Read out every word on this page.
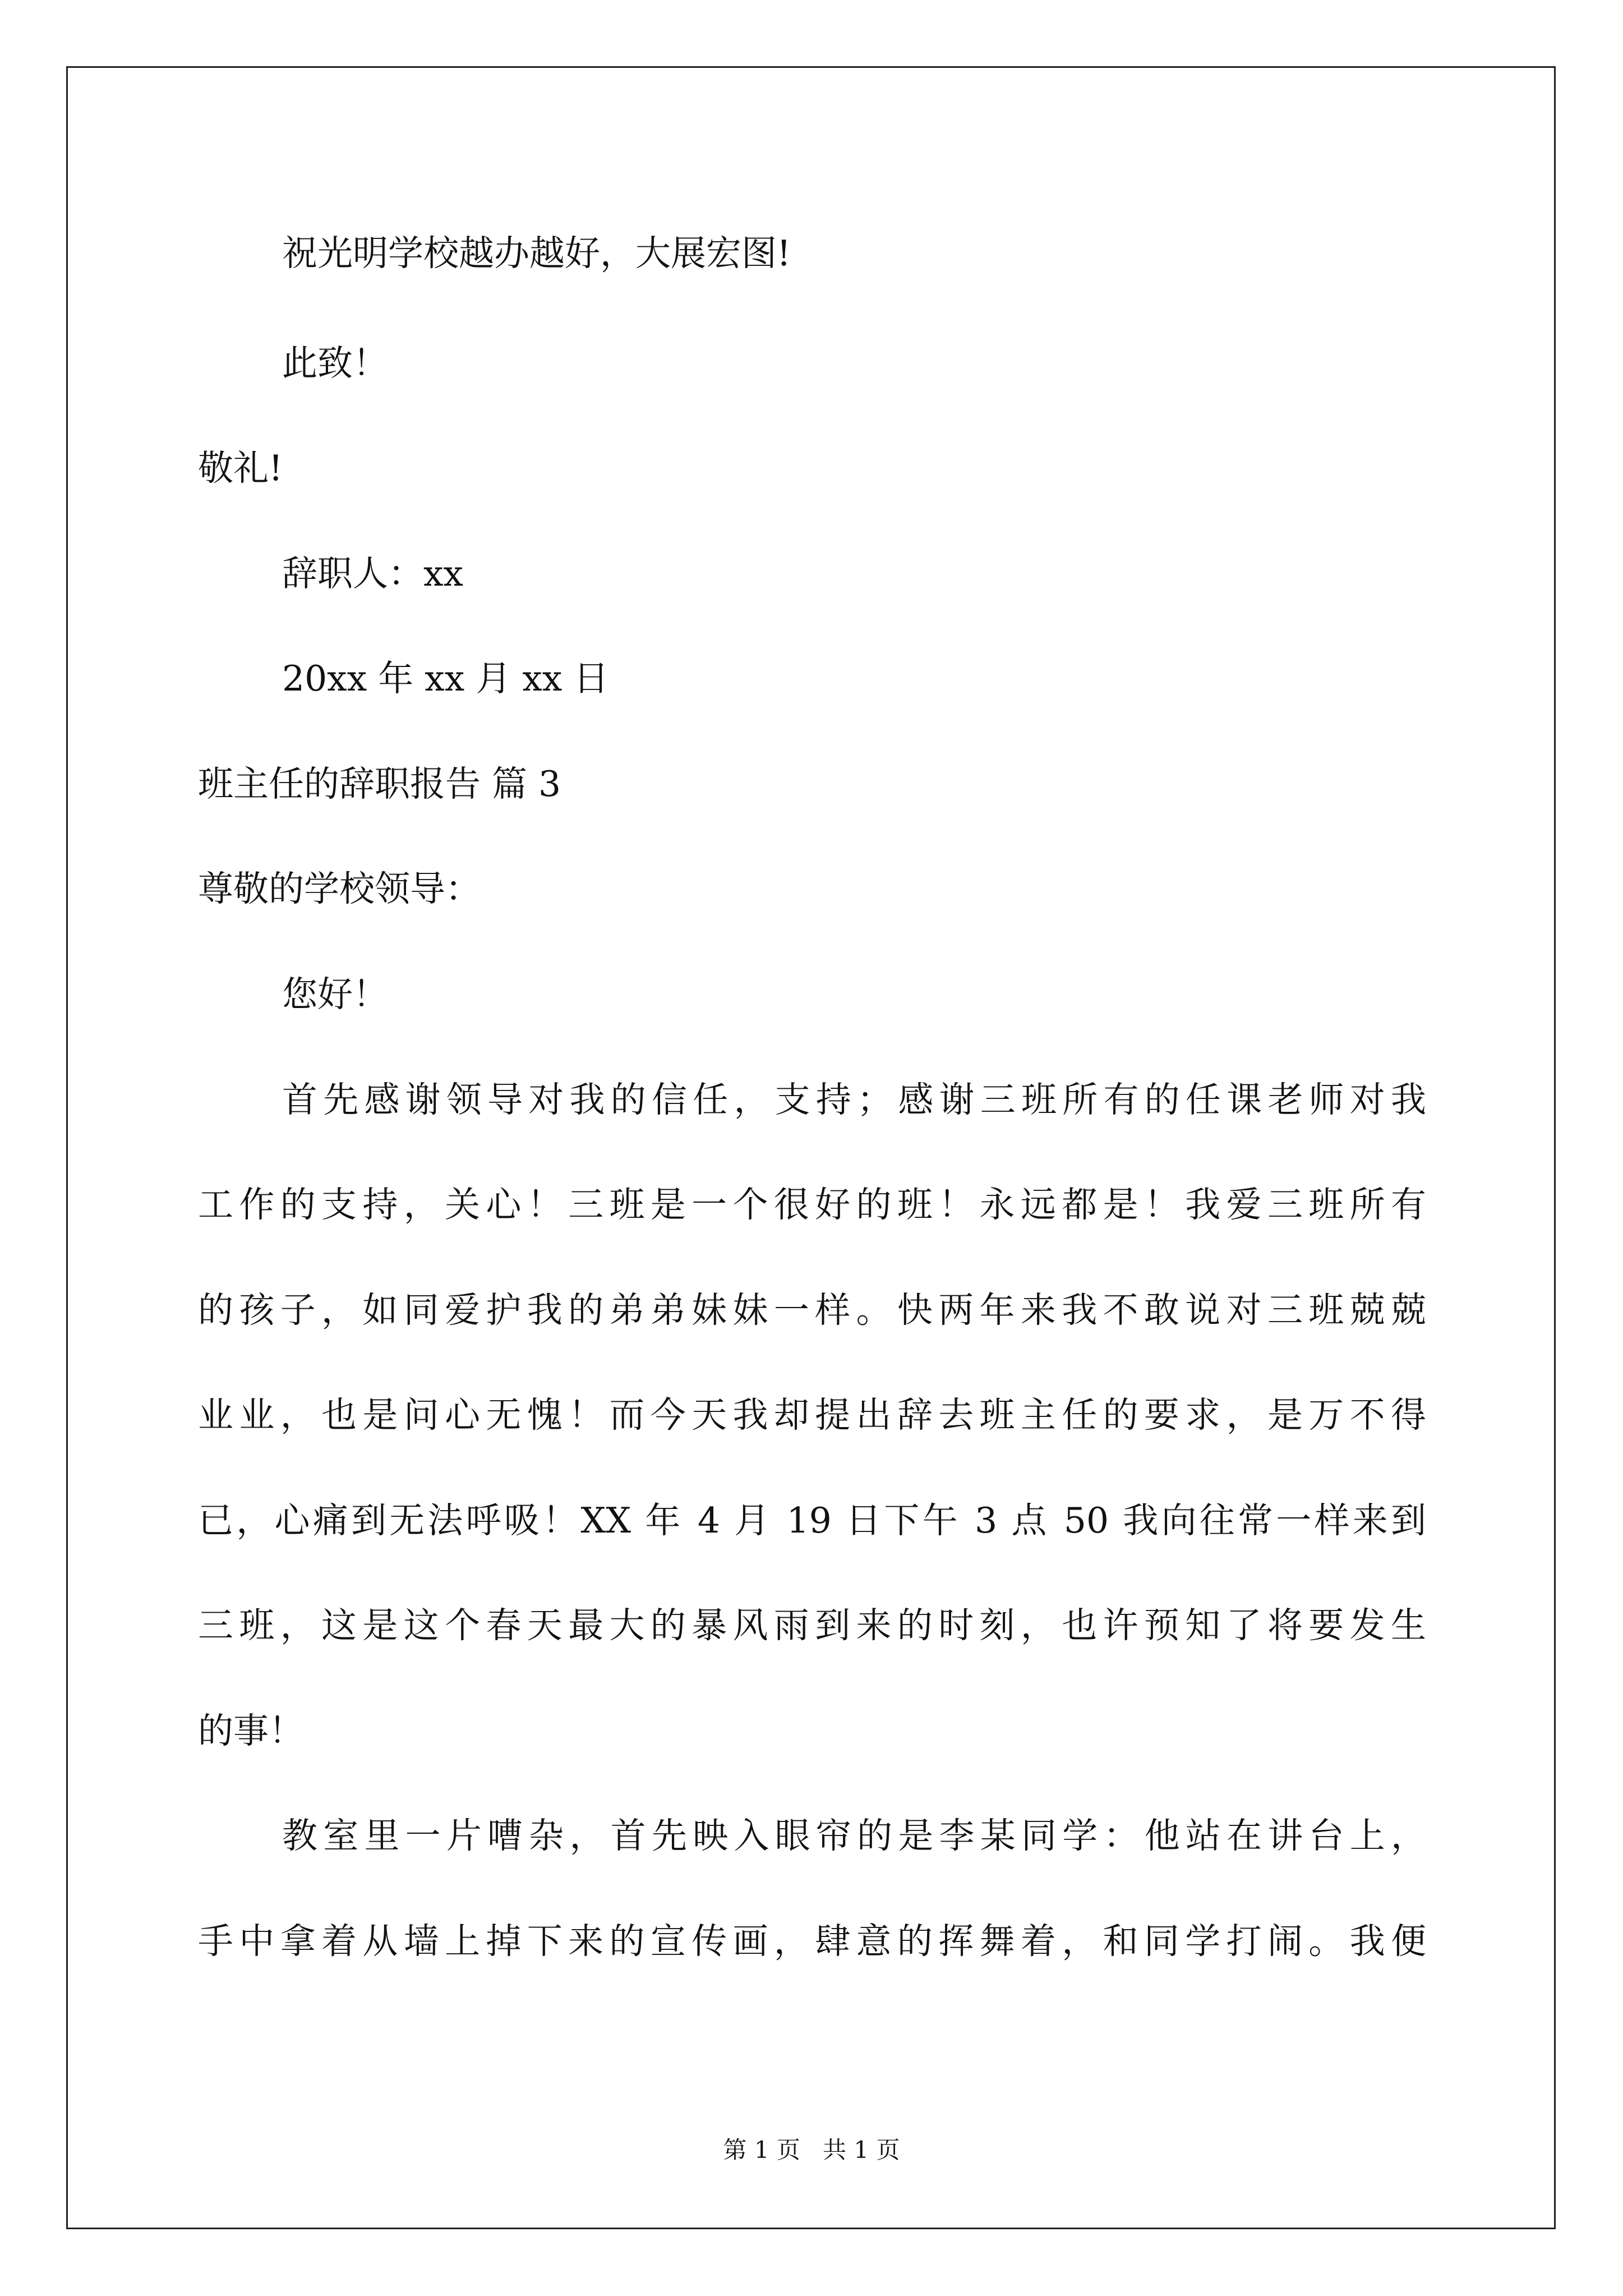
祝光明学校越办越好，大展宏图!
此致！
敬礼!
辞职人：xx
20xx 年 xx 月 xx 日
班主任的辞职报告 篇 3
尊敬的学校领导：
您好！
首先感谢领导对我的信任，支持；感谢三班所有的任课老师对我
工作的支持，关心！三班是一个很好的班！永远都是！我爱三班所有
的孩子，如同爱护我的弟弟妹妹一样。快两年来我不敢说对三班兢兢
业业，也是问心无愧！而今天我却提出辞去班主任的要求，是万不得
已，心痛到无法呼吸！XX 年 4 月 19 日下午 3 点 50 我向往常一样来到
三班，这是这个春天最大的暴风雨到来的时刻，也许预知了将要发生
的事！
教室里一片嘈杂，首先映入眼帘的是李某同学：他站在讲台上，
手中拿着从墙上掉下来的宣传画，肆意的挥舞着，和同学打闹。我便
第 1 页   共 1 页
